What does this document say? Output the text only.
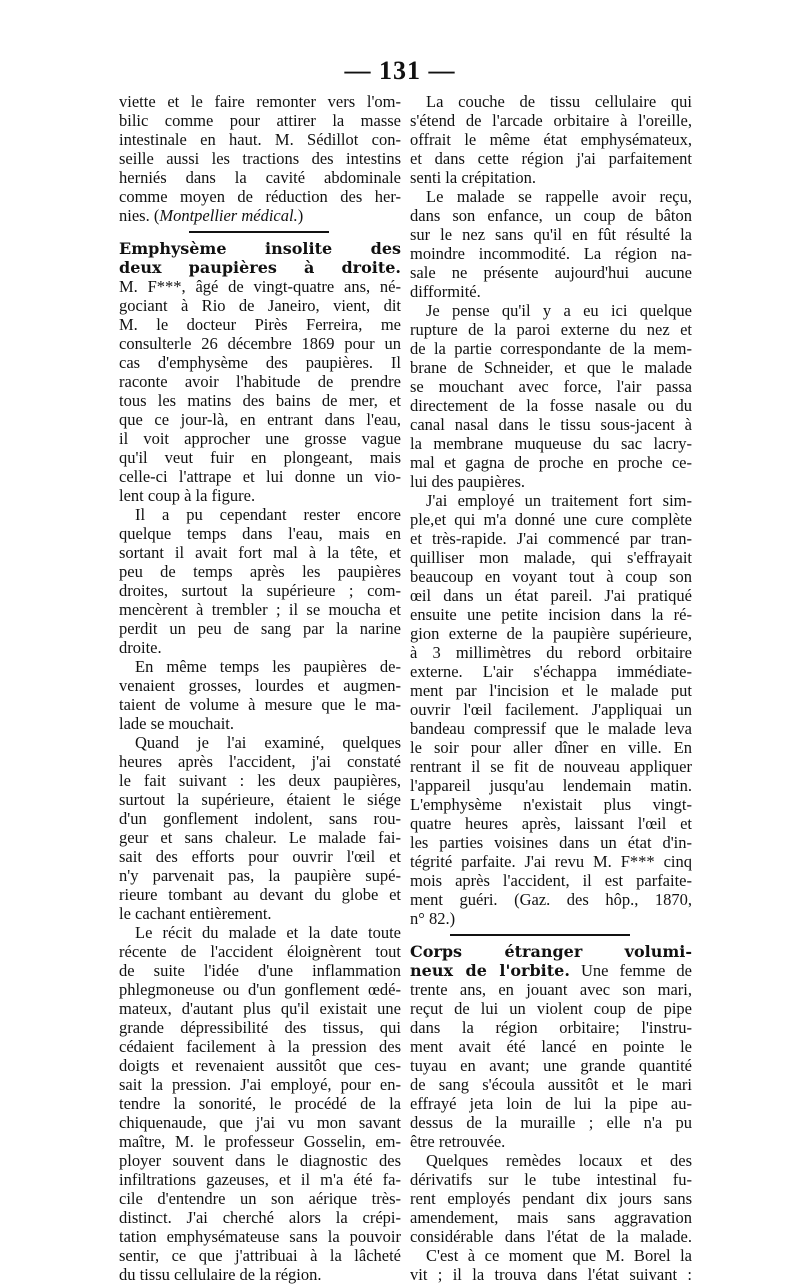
— 131 —
viette et le faire remonter vers l'om-
bilic comme pour attirer la masse
intestinale en haut. M. Sédillot con-
seille aussi les tractions des intestins
herniés dans la cavité abdominale
comme moyen de réduction des her-
nies. (Montpellier médical.)
Emphysème insolite des
deux paupières à droite.
M. F***, âgé de vingt-quatre ans, né-
gociant à Rio de Janeiro, vient, dit
M. le docteur Pirès Ferreira, me
consulterle 26 décembre 1869 pour un
cas d'emphysème des paupières. Il
raconte avoir l'habitude de prendre
tous les matins des bains de mer, et
que ce jour-là, en entrant dans l'eau,
il voit approcher une grosse vague
qu'il veut fuir en plongeant, mais
celle-ci l'attrape et lui donne un vio-
lent coup à la figure.
Il a pu cependant rester encore
quelque temps dans l'eau, mais en
sortant il avait fort mal à la tête, et
peu de temps après les paupières
droites, surtout la supérieure ; com-
mencèrent à trembler ; il se moucha et
perdit un peu de sang par la narine
droite.
En même temps les paupières de-
venaient grosses, lourdes et augmen-
taient de volume à mesure que le ma-
lade se mouchait.
Quand je l'ai examiné, quelques
heures après l'accident, j'ai constaté
le fait suivant : les deux paupières,
surtout la supérieure, étaient le siége
d'un gonflement indolent, sans rou-
geur et sans chaleur. Le malade fai-
sait des efforts pour ouvrir l'œil et
n'y parvenait pas, la paupière supé-
rieure tombant au devant du globe et
le cachant entièrement.
Le récit du malade et la date toute
récente de l'accident éloignèrent tout
de suite l'idée d'une inflammation
phlegmoneuse ou d'un gonflement œdé-
mateux, d'autant plus qu'il existait une
grande dépressibilité des tissus, qui
cédaient facilement à la pression des
doigts et revenaient aussitôt que ces-
sait la pression. J'ai employé, pour en-
tendre la sonorité, le procédé de la
chiquenaude, que j'ai vu mon savant
maître, M. le professeur Gosselin, em-
ployer souvent dans le diagnostic des
infiltrations gazeuses, et il m'a été fa-
cile d'entendre un son aérique très-
distinct. J'ai cherché alors la crépi-
tation emphysémateuse sans la pouvoir
sentir, ce que j'attribuai à la lâcheté
du tissu cellulaire de la région.
La couche de tissu cellulaire qui
s'étend de l'arcade orbitaire à l'oreille,
offrait le même état emphysémateux,
et dans cette région j'ai parfaitement
senti la crépitation.
Le malade se rappelle avoir reçu,
dans son enfance, un coup de bâton
sur le nez sans qu'il en fût résulté la
moindre incommodité. La région na-
sale ne présente aujourd'hui aucune
difformité.
Je pense qu'il y a eu ici quelque
rupture de la paroi externe du nez et
de la partie correspondante de la mem-
brane de Schneider, et que le malade
se mouchant avec force, l'air passa
directement de la fosse nasale ou du
canal nasal dans le tissu sous-jacent à
la membrane muqueuse du sac lacry-
mal et gagna de proche en proche ce-
lui des paupières.
J'ai employé un traitement fort sim-
ple,et qui m'a donné une cure complète
et très-rapide. J'ai commencé par tran-
quilliser mon malade, qui s'effrayait
beaucoup en voyant tout à coup son
œil dans un état pareil. J'ai pratiqué
ensuite une petite incision dans la ré-
gion externe de la paupière supérieure,
à 3 millimètres du rebord orbitaire
externe. L'air s'échappa immédiate-
ment par l'incision et le malade put
ouvrir l'œil facilement. J'appliquai un
bandeau compressif que le malade leva
le soir pour aller dîner en ville. En
rentrant il se fit de nouveau appliquer
l'appareil jusqu'au lendemain matin.
L'emphysème n'existait plus vingt-
quatre heures après, laissant l'œil et
les parties voisines dans un état d'in-
tégrité parfaite. J'ai revu M. F*** cinq
mois après l'accident, il est parfaite-
ment guéri. (Gaz. des hôp., 1870,
n° 82.)
Corps étranger volumi-
neux de l'orbite. Une femme de
trente ans, en jouant avec son mari,
reçut de lui un violent coup de pipe
dans la région orbitaire; l'instru-
ment avait été lancé en pointe le
tuyau en avant; une grande quantité
de sang s'écoula aussitôt et le mari
effrayé jeta loin de lui la pipe au-
dessus de la muraille ; elle n'a pu
être retrouvée.
Quelques remèdes locaux et des
dérivatifs sur le tube intestinal fu-
rent employés pendant dix jours sans
amendement, mais sans aggravation
considérable dans l'état de la malade.
C'est à ce moment que M. Borel la
vit ; il la trouva dans l'état suivant :
